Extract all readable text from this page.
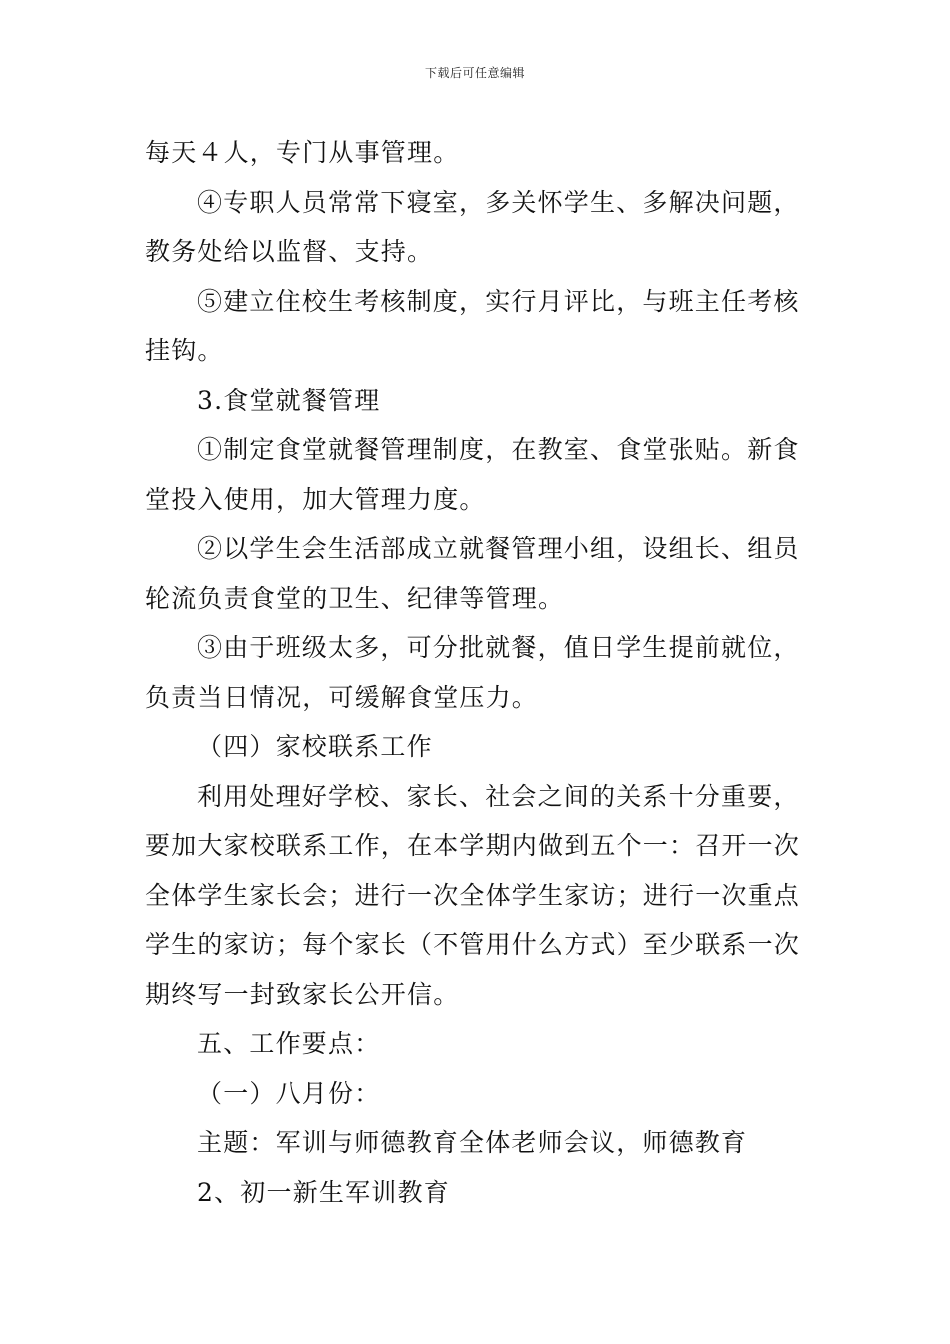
下载后可任意编辑

每天４人，专门从事管理。

④专职人员常常下寝室，多关怀学生、多解决问题，教务处给以监督、支持。

⑤建立住校生考核制度，实行月评比，与班主任考核挂钩。

3.食堂就餐管理

①制定食堂就餐管理制度，在教室、食堂张贴。新食堂投入使用，加大管理力度。

②以学生会生活部成立就餐管理小组，设组长、组员轮流负责食堂的卫生、纪律等管理。

③由于班级太多，可分批就餐，值日学生提前就位，负责当日情况，可缓解食堂压力。

（四）家校联系工作

利用处理好学校、家长、社会之间的关系十分重要，要加大家校联系工作，在本学期内做到五个一：召开一次全体学生家长会；进行一次全体学生家访；进行一次重点学生的家访；每个家长（不管用什么方式）至少联系一次期终写一封致家长公开信。

五、工作要点：

（一）八月份：

主题：军训与师德教育全体老师会议，师德教育

2、初一新生军训教育
